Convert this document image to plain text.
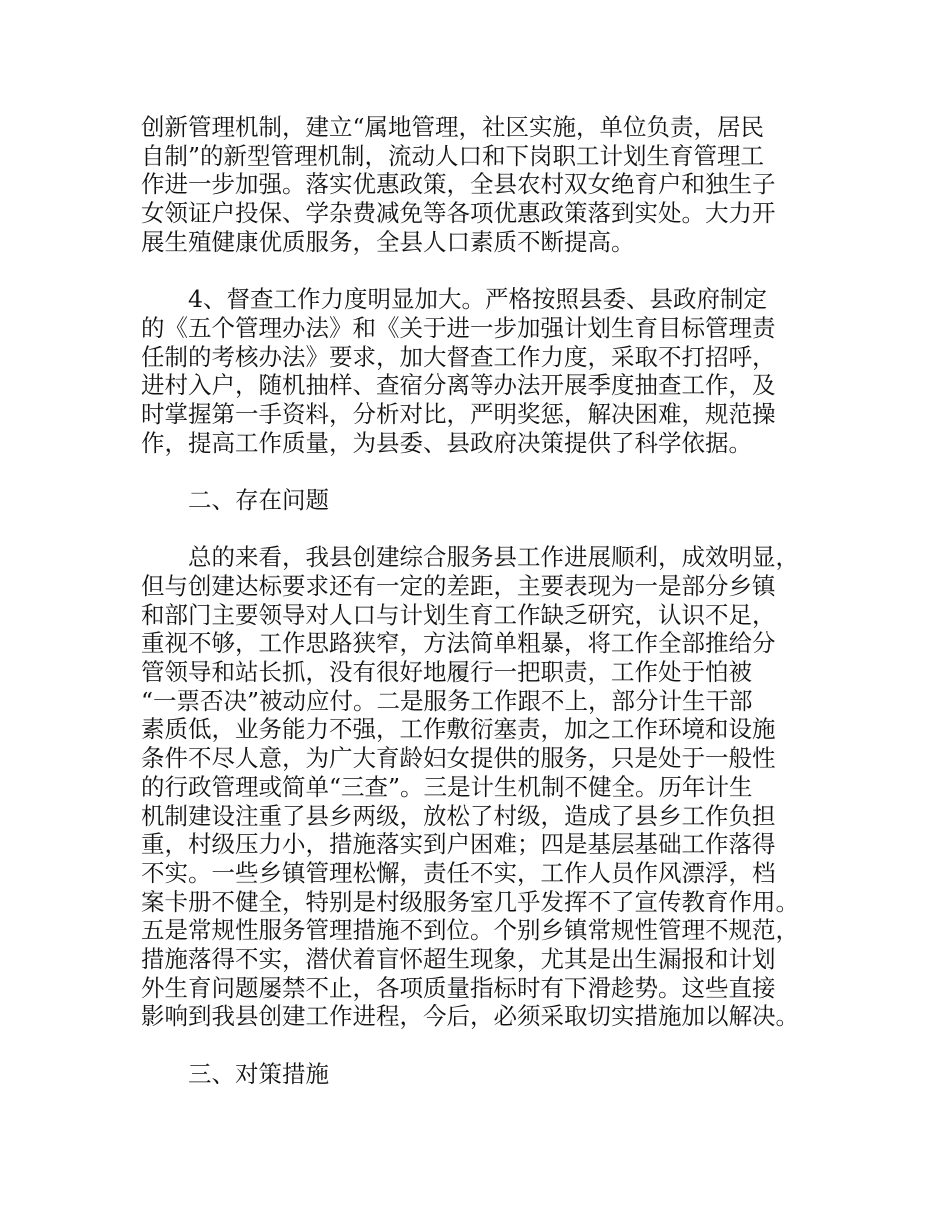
创新管理机制，建立“属地管理，社区实施，单位负责，居民
自制”的新型管理机制，流动人口和下岗职工计划生育管理工
作进一步加强。落实优惠政策，全县农村双女绝育户和独生子
女领证户投保、学杂费减免等各项优惠政策落到实处。大力开
展生殖健康优质服务，全县人口素质不断提高。
4、督查工作力度明显加大。严格按照县委、县政府制定
的《五个管理办法》和《关于进一步加强计划生育目标管理责
任制的考核办法》要求，加大督查工作力度，采取不打招呼，
进村入户，随机抽样、查宿分离等办法开展季度抽查工作，及
时掌握第一手资料，分析对比，严明奖惩，解决困难，规范操
作，提高工作质量，为县委、县政府决策提供了科学依据。
二、存在问题
总的来看，我县创建综合服务县工作进展顺利，成效明显，
但与创建达标要求还有一定的差距，主要表现为一是部分乡镇
和部门主要领导对人口与计划生育工作缺乏研究，认识不足，
重视不够，工作思路狭窄，方法简单粗暴，将工作全部推给分
管领导和站长抓，没有很好地履行一把职责，工作处于怕被
“一票否决”被动应付。二是服务工作跟不上，部分计生干部
素质低，业务能力不强，工作敷衍塞责，加之工作环境和设施
条件不尽人意，为广大育龄妇女提供的服务，只是处于一般性
的行政管理或简单“三查”。三是计生机制不健全。历年计生
机制建设注重了县乡两级，放松了村级，造成了县乡工作负担
重，村级压力小，措施落实到户困难；四是基层基础工作落得
不实。一些乡镇管理松懈，责任不实，工作人员作风漂浮，档
案卡册不健全，特别是村级服务室几乎发挥不了宣传教育作用。
五是常规性服务管理措施不到位。个别乡镇常规性管理不规范，
措施落得不实，潜伏着盲怀超生现象，尤其是出生漏报和计划
外生育问题屡禁不止，各项质量指标时有下滑趁势。这些直接
影响到我县创建工作进程，今后，必须采取切实措施加以解决。
三、对策措施
